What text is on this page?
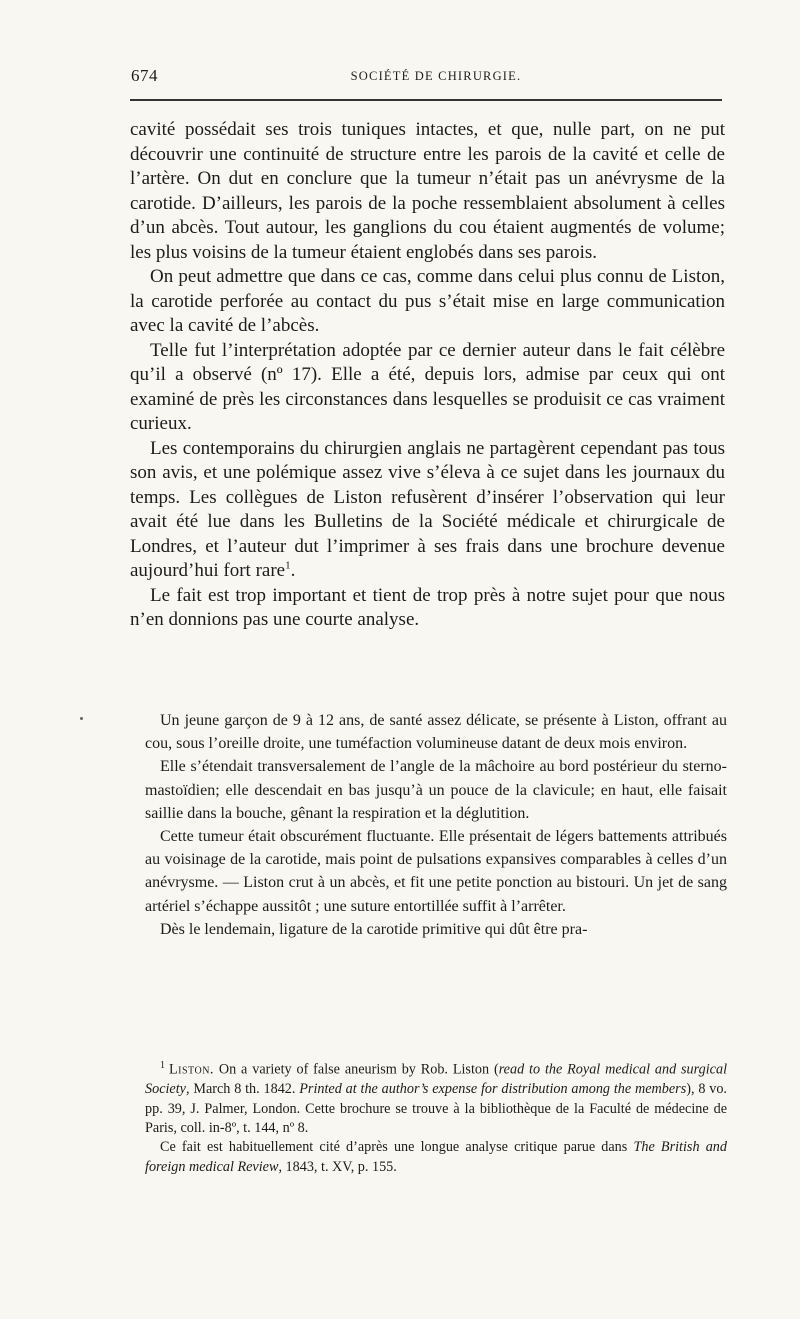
674	SOCIÉTÉ DE CHIRURGIE.

cavité possédait ses trois tuniques intactes, et que, nulle part, on ne put découvrir une continuité de structure entre les parois de la cavité et celle de l’artère. On dut en conclure que la tumeur n’était pas un anévrysme de la carotide. D’ailleurs, les parois de la poche ressemblaient absolument à celles d’un abcès. Tout autour, les ganglions du cou étaient augmentés de volume; les plus voisins de la tumeur étaient englobés dans ses parois.

On peut admettre que dans ce cas, comme dans celui plus connu de Liston, la carotide perforée au contact du pus s’était mise en large communication avec la cavité de l’abcès.

Telle fut l’interprétation adoptée par ce dernier auteur dans le fait célèbre qu’il a observé (nº 17). Elle a été, depuis lors, admise par ceux qui ont examiné de près les circonstances dans lesquelles se produisit ce cas vraiment curieux.

Les contemporains du chirurgien anglais ne partagèrent cependant pas tous son avis, et une polémique assez vive s’éleva à ce sujet dans les journaux du temps. Les collègues de Liston refusèrent d’insérer l’observation qui leur avait été lue dans les Bulletins de la Société médicale et chirurgicale de Londres, et l’auteur dut l’imprimer à ses frais dans une brochure devenue aujourd’hui fort rare$^1$.

Le fait est trop important et tient de trop près à notre sujet pour que nous n’en donnions pas une courte analyse.

Un jeune garçon de 9 à 12 ans, de santé assez délicate, se présente à Liston, offrant au cou, sous l’oreille droite, une tuméfaction volumineuse datant de deux mois environ.

Elle s’étendait transversalement de l’angle de la mâchoire au bord postérieur du sterno-mastoïdien; elle descendait en bas jusqu’à un pouce de la clavicule; en haut, elle faisait saillie dans la bouche, gênant la respiration et la déglutition.

Cette tumeur était obscurément fluctuante. Elle présentait de légers battements attribués au voisinage de la carotide, mais point de pulsations expansives comparables à celles d’un anévrysme. — Liston crut à un abcès, et fit une petite ponction au bistouri. Un jet de sang artériel s’échappe aussitôt ; une suture entortillée suffit à l’arrêter.

Dès le lendemain, ligature de la carotide primitive qui dût être pra-

$^1$ Liston. On a variety of false aneurism by Rob. Liston (read to the Royal medical and surgical Society, March 8 th. 1842. Printed at the author’s expense for distribution among the members), 8 vo. pp. 39, J. Palmer, London. Cette brochure se trouve à la bibliothèque de la Faculté de médecine de Paris, coll. in-8º, t. 144, nº 8.

Ce fait est habituellement cité d’après une longue analyse critique parue dans The British and foreign medical Review, 1843, t. XV, p. 155.
